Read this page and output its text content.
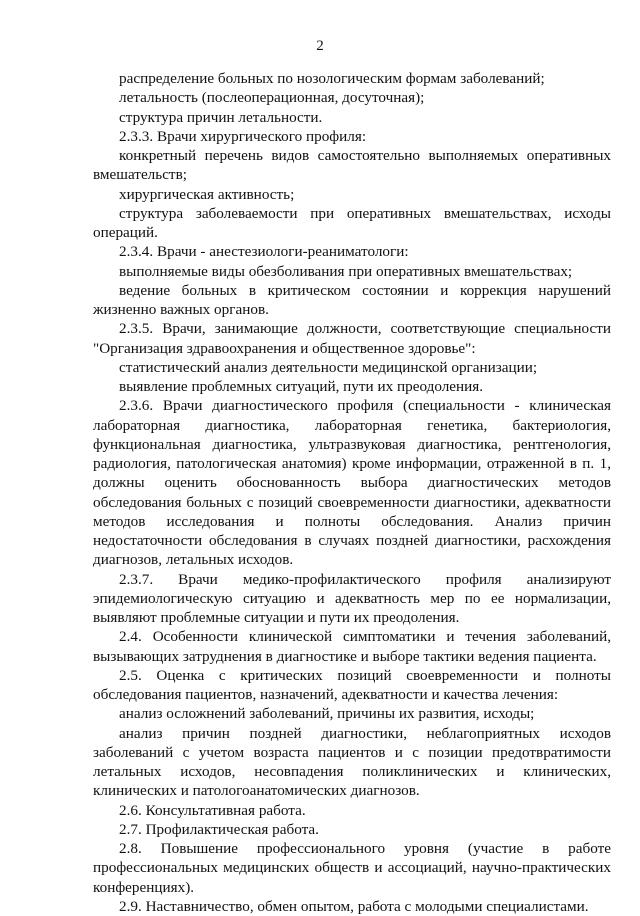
2

распределение больных по нозологическим формам заболеваний;

летальность (послеоперационная, досуточная);

структура причин летальности.

2.3.3. Врачи хирургического профиля:

конкретный перечень видов самостоятельно выполняемых оперативных вмешательств;

хирургическая активность;

структура заболеваемости при оперативных вмешательствах, исходы операций.

2.3.4. Врачи - анестезиологи-реаниматологи:

выполняемые виды обезболивания при оперативных вмешательствах;

ведение больных в критическом состоянии и коррекция нарушений жизненно важных органов.

2.3.5. Врачи, занимающие должности, соответствующие специальности "Организация здравоохранения и общественное здоровье":

статистический анализ деятельности медицинской организации;

выявление проблемных ситуаций, пути их преодоления.

2.3.6. Врачи диагностического профиля (специальности - клиническая лабораторная диагностика, лабораторная генетика, бактериология, функциональная диагностика, ультразвуковая диагностика, рентгенология, радиология, патологическая анатомия) кроме информации, отраженной в п. 1, должны оценить обоснованность выбора диагностических методов обследования больных с позиций своевременности диагностики, адекватности методов исследования и полноты обследования. Анализ причин недостаточности обследования в случаях поздней диагностики, расхождения диагнозов, летальных исходов.

2.3.7. Врачи медико-профилактического профиля анализируют эпидемиологическую ситуацию и адекватность мер по ее нормализации, выявляют проблемные ситуации и пути их преодоления.

2.4. Особенности клинической симптоматики и течения заболеваний, вызывающих затруднения в диагностике и выборе тактики ведения пациента.

2.5. Оценка с критических позиций своевременности и полноты обследования пациентов, назначений, адекватности и качества лечения:

анализ осложнений заболеваний, причины их развития, исходы;

анализ причин поздней диагностики, неблагоприятных исходов заболеваний с учетом возраста пациентов и с позиции предотвратимости летальных исходов, несовпадения поликлинических и клинических, клинических и патологоанатомических диагнозов.

2.6. Консультативная работа.

2.7. Профилактическая работа.

2.8. Повышение профессионального уровня (участие в работе профессиональных медицинских обществ и ассоциаций, научно-практических конференциях).

2.9. Наставничество, обмен опытом, работа с молодыми специалистами.
